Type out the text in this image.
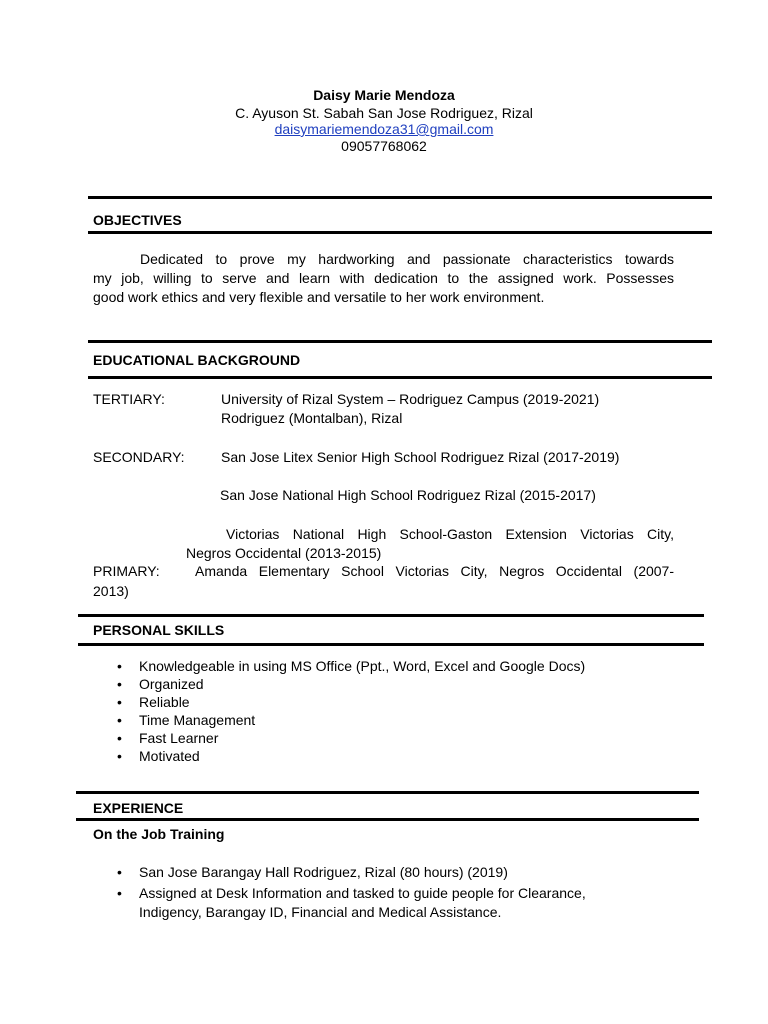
Daisy Marie Mendoza
C. Ayuson St. Sabah San Jose Rodriguez, Rizal
daisymariemendoza31@gmail.com
09057768062
OBJECTIVES
Dedicated to prove my hardworking and passionate characteristics towards
my job, willing to serve and learn with dedication to the assigned work. Possesses
good work ethics and very flexible and versatile to her work environment.
EDUCATIONAL BACKGROUND
TERTIARY:	University of Rizal System – Rodriguez Campus (2019-2021)
Rodriguez (Montalban), Rizal
SECONDARY:	San Jose Litex Senior High School Rodriguez Rizal (2017-2019)
San Jose National High School Rodriguez Rizal (2015-2017)
Victorias National High School-Gaston Extension Victorias City,
Negros Occidental (2013-2015)
PRIMARY:	Amanda Elementary School Victorias City, Negros Occidental (2007-
2013)
PERSONAL SKILLS
• Knowledgeable in using MS Office (Ppt., Word, Excel and Google Docs)
• Organized
• Reliable
• Time Management
• Fast Learner
• Motivated
EXPERIENCE
On the Job Training
• San Jose Barangay Hall Rodriguez, Rizal (80 hours) (2019)
• Assigned at Desk Information and tasked to guide people for Clearance,
Indigency, Barangay ID, Financial and Medical Assistance.
